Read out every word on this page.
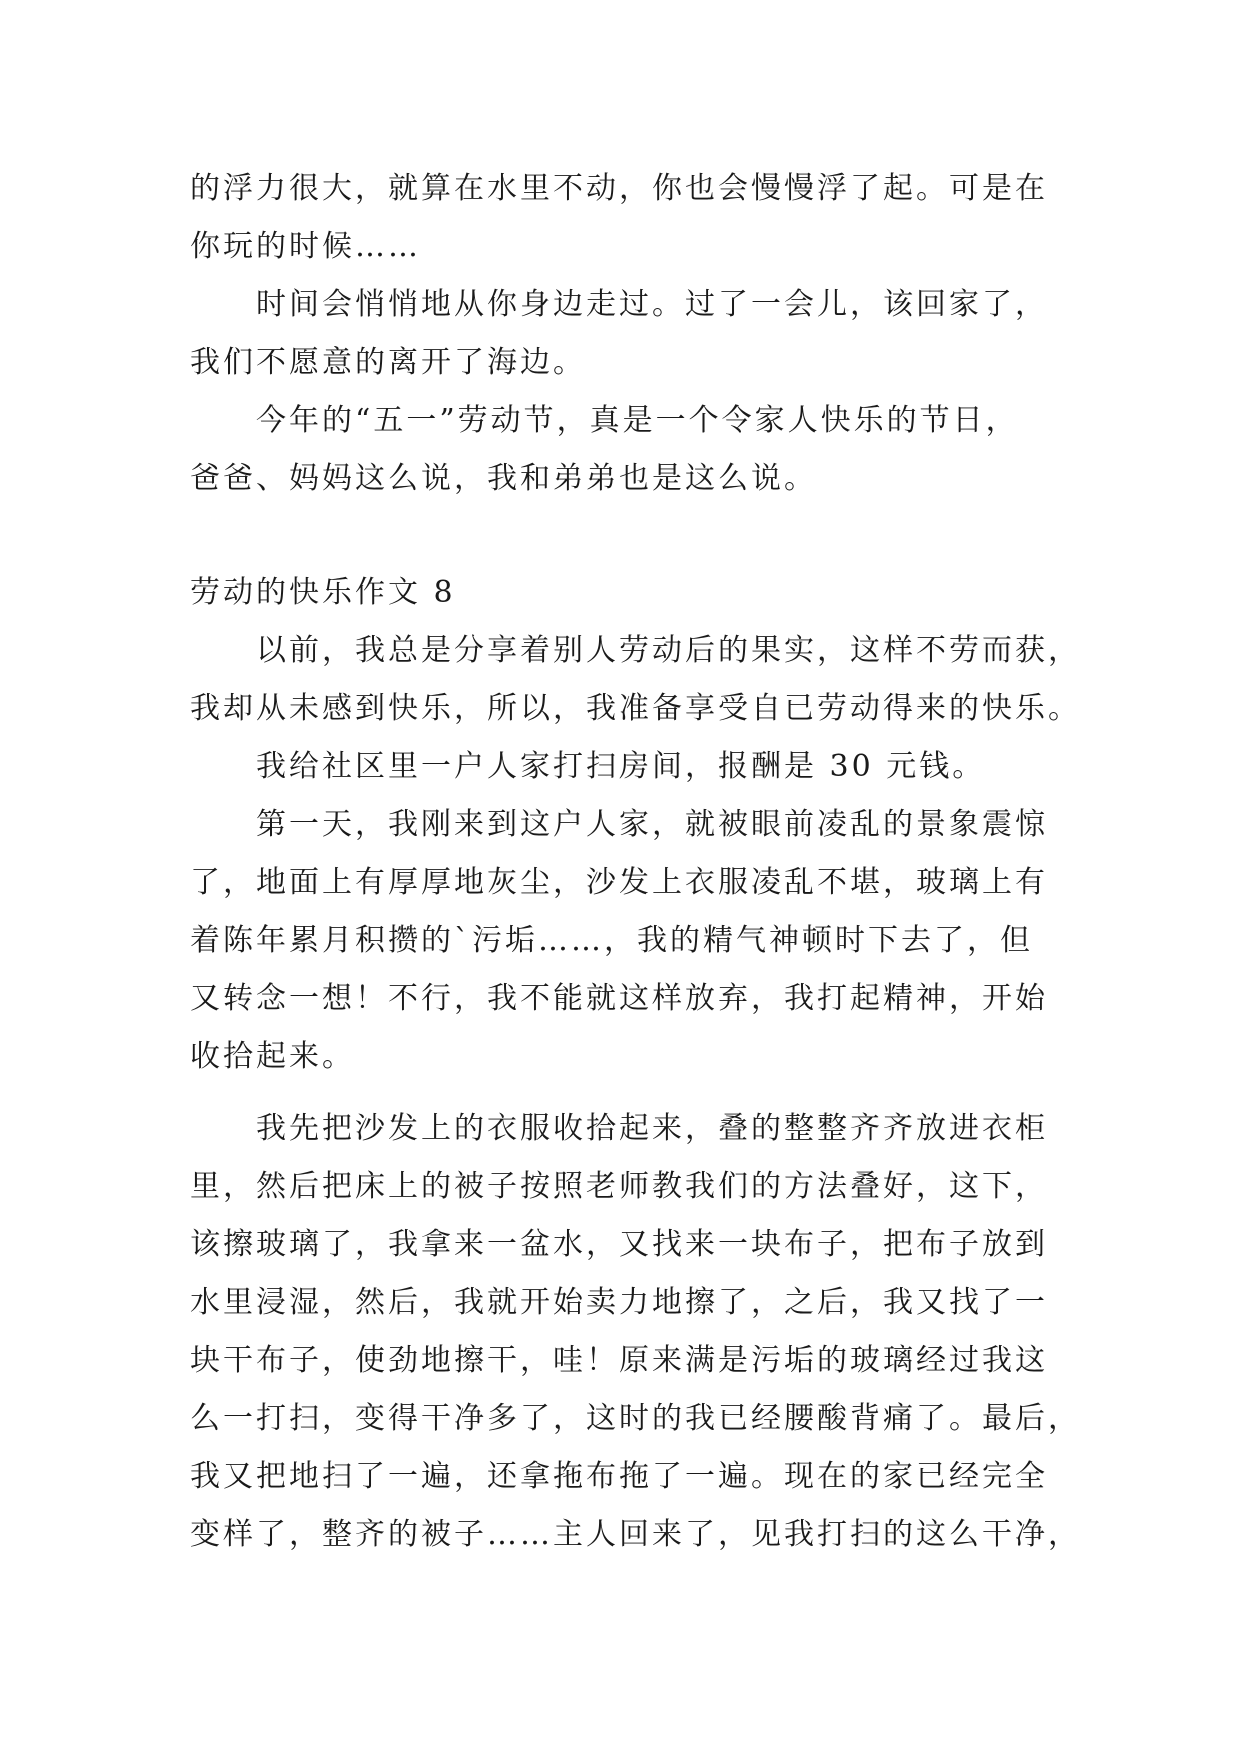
的浮力很大，就算在水里不动，你也会慢慢浮了起。可是在
你玩的时候……
时间会悄悄地从你身边走过。过了一会儿，该回家了，
我们不愿意的离开了海边。
今年的“五一”劳动节，真是一个令家人快乐的节日，
爸爸、妈妈这么说，我和弟弟也是这么说。
劳动的快乐作文 8
以前，我总是分享着别人劳动后的果实，这样不劳而获，
我却从未感到快乐，所以，我准备享受自已劳动得来的快乐。
我给社区里一户人家打扫房间，报酬是 30 元钱。
第一天，我刚来到这户人家，就被眼前凌乱的景象震惊
了，地面上有厚厚地灰尘，沙发上衣服凌乱不堪，玻璃上有
着陈年累月积攒的`污垢……，我的精气神顿时下去了，但
又转念一想！不行，我不能就这样放弃，我打起精神，开始
收拾起来。
我先把沙发上的衣服收拾起来，叠的整整齐齐放进衣柜
里，然后把床上的被子按照老师教我们的方法叠好，这下，
该擦玻璃了，我拿来一盆水，又找来一块布子，把布子放到
水里浸湿，然后，我就开始卖力地擦了，之后，我又找了一
块干布子，使劲地擦干，哇！原来满是污垢的玻璃经过我这
么一打扫，变得干净多了，这时的我已经腰酸背痛了。最后，
我又把地扫了一遍，还拿拖布拖了一遍。现在的家已经完全
变样了，整齐的被子……主人回来了，见我打扫的这么干净，
